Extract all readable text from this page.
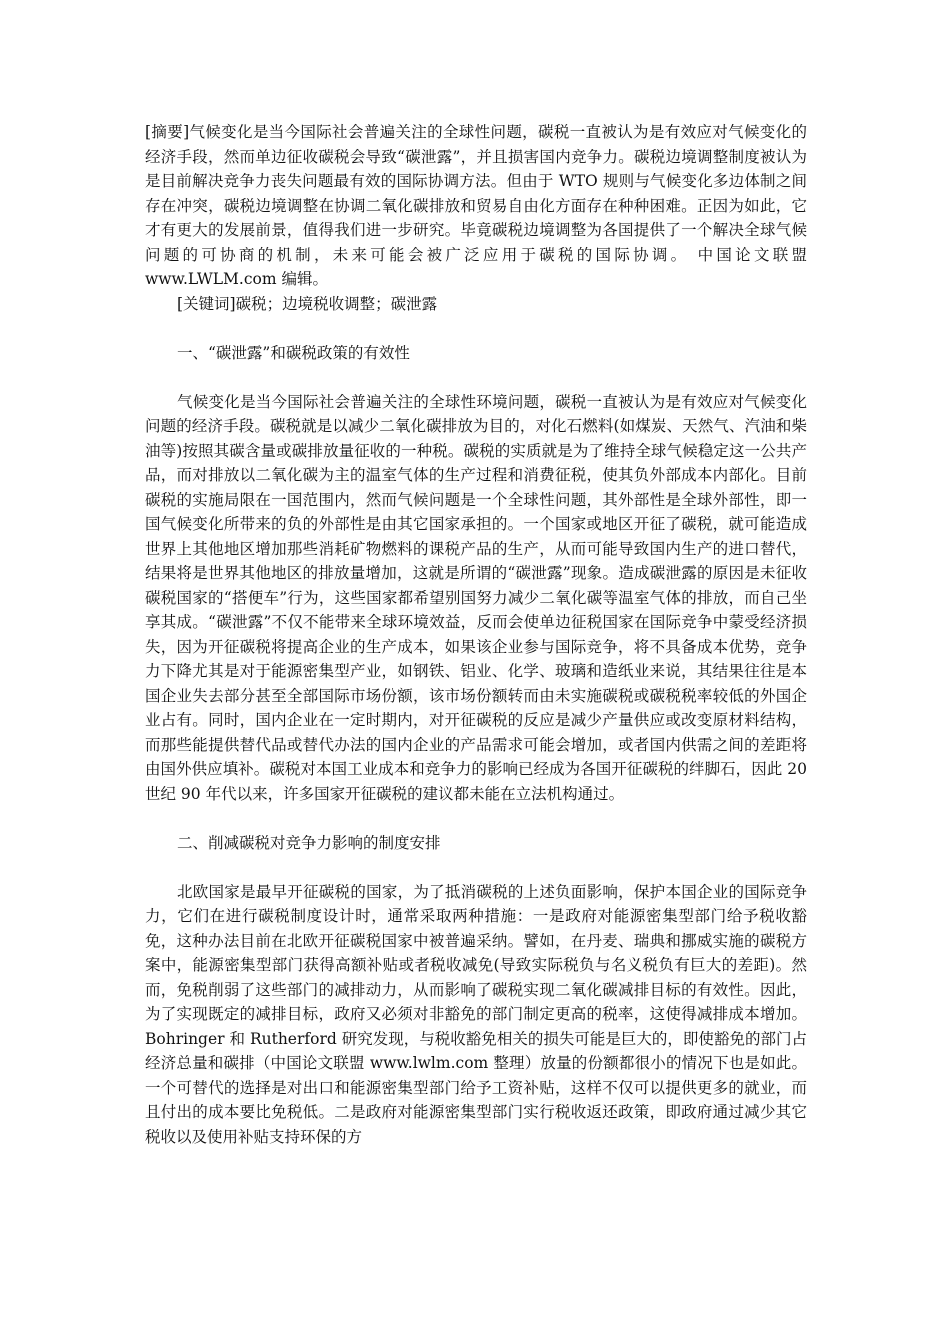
[摘要]气候变化是当今国际社会普遍关注的全球性问题，碳税一直被认为是有效应对气候变化的经济手段，然而单边征收碳税会导致“碳泄露”，并且损害国内竞争力。碳税边境调整制度被认为是目前解决竞争力丧失问题最有效的国际协调方法。但由于 WTO 规则与气候变化多边体制之间存在冲突，碳税边境调整在协调二氧化碳排放和贸易自由化方面存在种种困难。正因为如此，它才有更大的发展前景，值得我们进一步研究。毕竟碳税边境调整为各国提供了一个解决全球气候问题的可协商的机制，未来可能会被广泛应用于碳税的国际协调。 中国论文联盟 www.LWLM.com 编辑。

[关键词]碳税；边境税收调整；碳泄露

一、“碳泄露”和碳税政策的有效性

气候变化是当今国际社会普遍关注的全球性环境问题，碳税一直被认为是有效应对气候变化问题的经济手段。碳税就是以减少二氧化碳排放为目的，对化石燃料(如煤炭、天然气、汽油和柴油等)按照其碳含量或碳排放量征收的一种税。碳税的实质就是为了维持全球气候稳定这一公共产品，而对排放以二氧化碳为主的温室气体的生产过程和消费征税，使其负外部成本内部化。目前碳税的实施局限在一国范围内，然而气候问题是一个全球性问题，其外部性是全球外部性，即一国气候变化所带来的负的外部性是由其它国家承担的。一个国家或地区开征了碳税，就可能造成世界上其他地区增加那些消耗矿物燃料的课税产品的生产，从而可能导致国内生产的进口替代，结果将是世界其他地区的排放量增加，这就是所谓的“碳泄露”现象。造成碳泄露的原因是未征收碳税国家的“搭便车”行为，这些国家都希望别国努力减少二氧化碳等温室气体的排放，而自己坐享其成。“碳泄露”不仅不能带来全球环境效益，反而会使单边征税国家在国际竞争中蒙受经济损失，因为开征碳税将提高企业的生产成本，如果该企业参与国际竞争，将不具备成本优势，竞争力下降尤其是对于能源密集型产业，如钢铁、铝业、化学、玻璃和造纸业来说，其结果往往是本国企业失去部分甚至全部国际市场份额，该市场份额转而由未实施碳税或碳税税率较低的外国企业占有。同时，国内企业在一定时期内，对开征碳税的反应是减少产量供应或改变原材料结构，而那些能提供替代品或替代办法的国内企业的产品需求可能会增加，或者国内供需之间的差距将由国外供应填补。碳税对本国工业成本和竞争力的影响已经成为各国开征碳税的绊脚石，因此 20 世纪 90 年代以来，许多国家开征碳税的建议都未能在立法机构通过。

二、削减碳税对竞争力影响的制度安排

北欧国家是最早开征碳税的国家，为了抵消碳税的上述负面影响，保护本国企业的国际竞争力，它们在进行碳税制度设计时，通常采取两种措施：一是政府对能源密集型部门给予税收豁免，这种办法目前在北欧开征碳税国家中被普遍采纳。譬如，在丹麦、瑞典和挪威实施的碳税方案中，能源密集型部门获得高额补贴或者税收减免(导致实际税负与名义税负有巨大的差距)。然而，免税削弱了这些部门的减排动力，从而影响了碳税实现二氧化碳减排目标的有效性。因此，为了实现既定的减排目标，政府又必须对非豁免的部门制定更高的税率，这使得减排成本增加。Bohringer 和 Rutherford 研究发现，与税收豁免相关的损失可能是巨大的，即使豁免的部门占经济总量和碳排（中国论文联盟 www.lwlm.com 整理）放量的份额都很小的情况下也是如此。一个可替代的选择是对出口和能源密集型部门给予工资补贴，这样不仅可以提供更多的就业，而且付出的成本要比免税低。二是政府对能源密集型部门实行税收返还政策，即政府通过减少其它税收以及使用补贴支持环保的方
